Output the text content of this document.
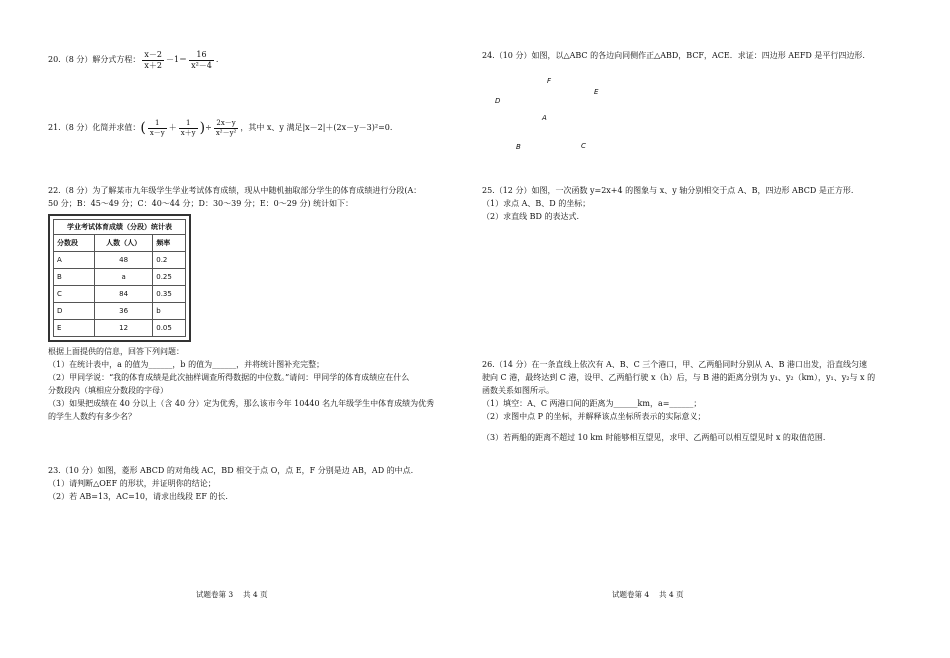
20.（8 分）解分式方程： $\frac{x-2}{x+2} -1= \frac{16}{\text{x²－4}}$ .
21.（8 分）化简并求值：( $\frac{1}{x-y} + \frac{1}{x+y}$ )÷ $\frac{2x-y}{\text{x²－y²}}$ ，其中 x、y 满足|x－2|＋(2x－y－3)²=0.
22.（8 分）为了解某市九年级学生学业考试体育成绩，现从中随机抽取部分学生的体育成绩进行分段(A：
50 分；B：45～49 分；C：40～44 分；D：30～39 分；E：0～29 分) 统计如下：
学业考试体育成绩（分段）统计表
分数段	人数（人）	频率
A	48	0.2
B	a	0.25
C	84	0.35
D	36	b
E	12	0.05
根据上面提供的信息，回答下列问题：
（1）在统计表中，a 的值为______，b 的值为______，并将统计图补充完整；
（2）甲同学说：“我的体育成绩是此次抽样调查所得数据的中位数。”请问：甲同学的体育成绩应在什么
分数段内（填相应分数段的字母）
（3）如果把成绩在 40 分以上（含 40 分）定为优秀，那么该市今年 10440 名九年级学生中体育成绩为优秀
的学生人数约有多少名？
23.（10 分）如图，菱形 ABCD 的对角线 AC，BD 相交于点 O，点 E，F 分别是边 AB，AD 的中点.
（1）请判断△OEF 的形状，并证明你的结论；
（2）若 AB=13，AC=10，请求出线段 EF 的长.
试题卷第 3　 共 4 页
24.（10 分）如图，以△ABC 的各边向同侧作正△ABD，BCF，ACE．求证：四边形 AEFD 是平行四边形.
F
E
D
A
B	C
25.（12 分）如图，一次函数 y=2x+4 的图象与 x、y 轴分别相交于点 A、B，四边形 ABCD 是正方形.
（1）求点 A、B、D 的坐标；
（2）求直线 BD 的表达式.
26.（14 分）在一条直线上依次有 A、B、C 三个港口，甲、乙两船同时分别从 A、B 港口出发，沿直线匀速
驶向 C 港，最终达到 C 港，设甲、乙两船行驶 x（h）后，与 B 港的距离分别为 y₁、y₂（km），y₁、y₂与 x 的
函数关系如图所示。
（1）填空：A、C 两港口间的距离为______km，a=______；
（2）求图中点 P 的坐标，并解释该点坐标所表示的实际意义；
（3）若两船的距离不超过 10 km 时能够相互望见，求甲、乙两船可以相互望见时 x 的取值范围．
试题卷第 4　 共 4 页
